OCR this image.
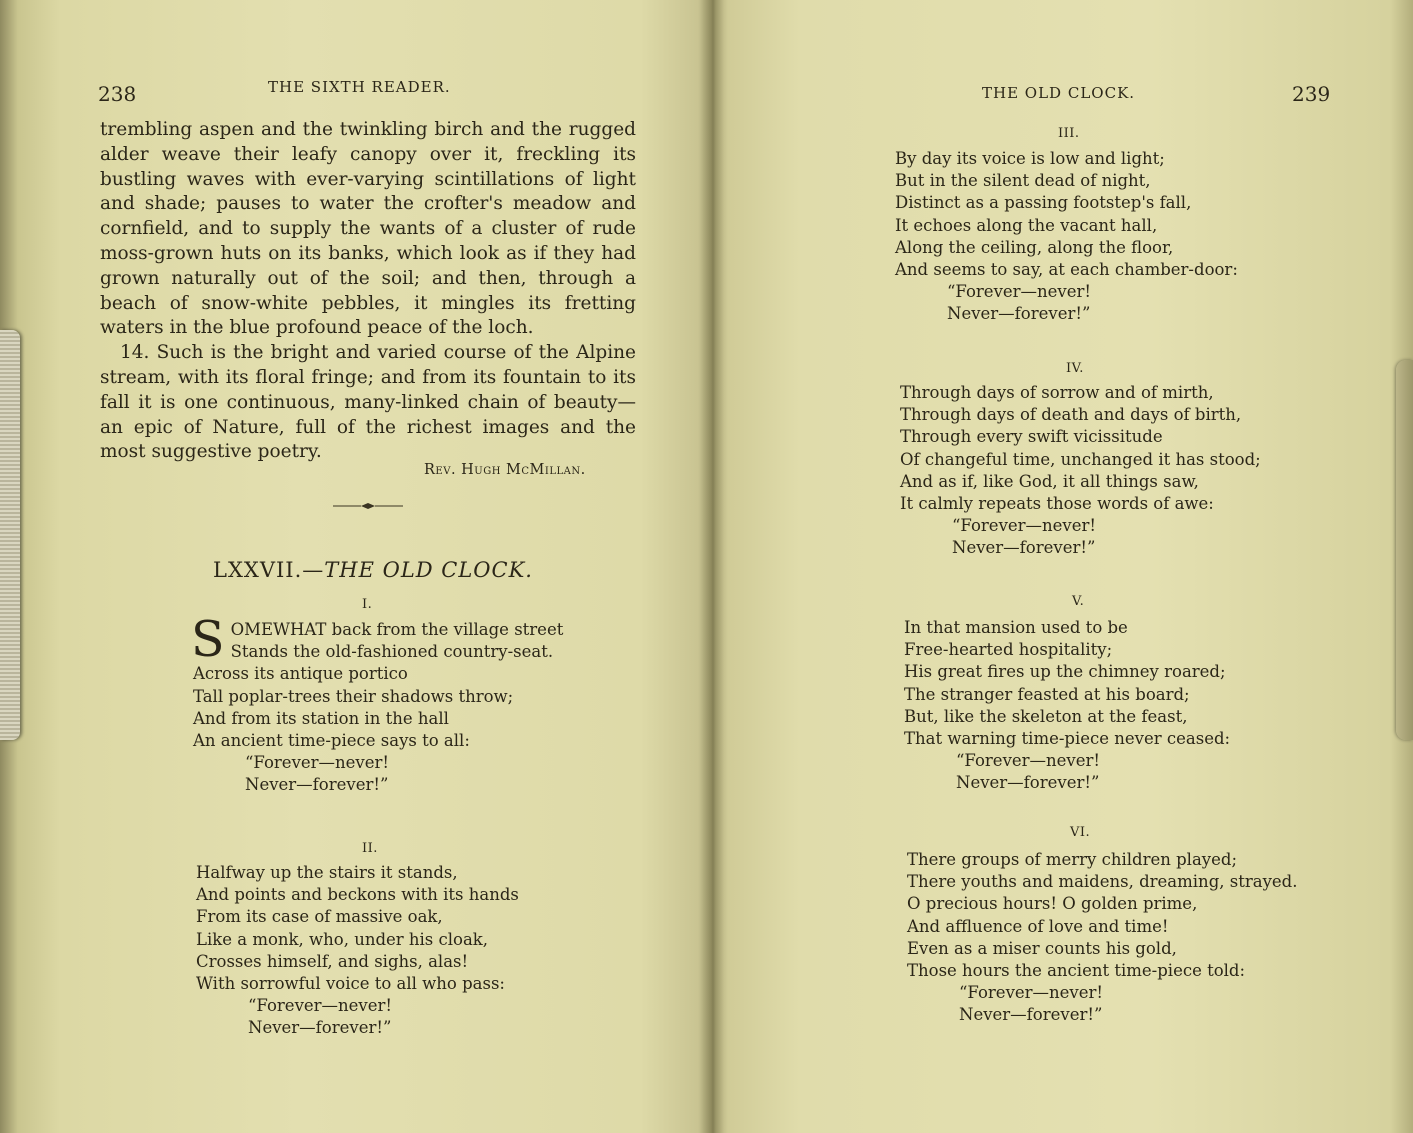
238	THE SIXTH READER.

trembling aspen and the twinkling birch and the rugged alder weave their leafy canopy over it, freckling its bustling waves with ever-varying scintillations of light and shade; pauses to water the crofter's meadow and cornfield, and to supply the wants of a cluster of rude moss-grown huts on its banks, which look as if they had grown naturally out of the soil; and then, through a beach of snow-white pebbles, it mingles its fretting waters in the blue profound peace of the loch.

14. Such is the bright and varied course of the Alpine stream, with its floral fringe; and from its fountain to its fall it is one continuous, many-linked chain of beauty—an epic of Nature, full of the richest images and the most suggestive poetry.

Rev. Hugh McMillan.
LXXVII.—THE OLD CLOCK.
I.
S OMEWHAT back from the village street
Stands the old-fashioned country-seat.
Across its antique portico
Tall poplar-trees their shadows throw;
And from its station in the hall
An ancient time-piece says to all:
“Forever—never!
Never—forever!”
II.
Halfway up the stairs it stands,
And points and beckons with its hands
From its case of massive oak,
Like a monk, who, under his cloak,
Crosses himself, and sighs, alas!
With sorrowful voice to all who pass:
“Forever—never!
Never—forever!”
THE OLD CLOCK.	239
III.
By day its voice is low and light;
But in the silent dead of night,
Distinct as a passing footstep's fall,
It echoes along the vacant hall,
Along the ceiling, along the floor,
And seems to say, at each chamber-door:
“Forever—never!
Never—forever!”
IV.
Through days of sorrow and of mirth,
Through days of death and days of birth,
Through every swift vicissitude
Of changeful time, unchanged it has stood;
And as if, like God, it all things saw,
It calmly repeats those words of awe:
“Forever—never!
Never—forever!”
V.
In that mansion used to be
Free-hearted hospitality;
His great fires up the chimney roared;
The stranger feasted at his board;
But, like the skeleton at the feast,
That warning time-piece never ceased:
“Forever—never!
Never—forever!”
VI.
There groups of merry children played;
There youths and maidens, dreaming, strayed.
O precious hours! O golden prime,
And affluence of love and time!
Even as a miser counts his gold,
Those hours the ancient time-piece told:
“Forever—never!
Never—forever!”
